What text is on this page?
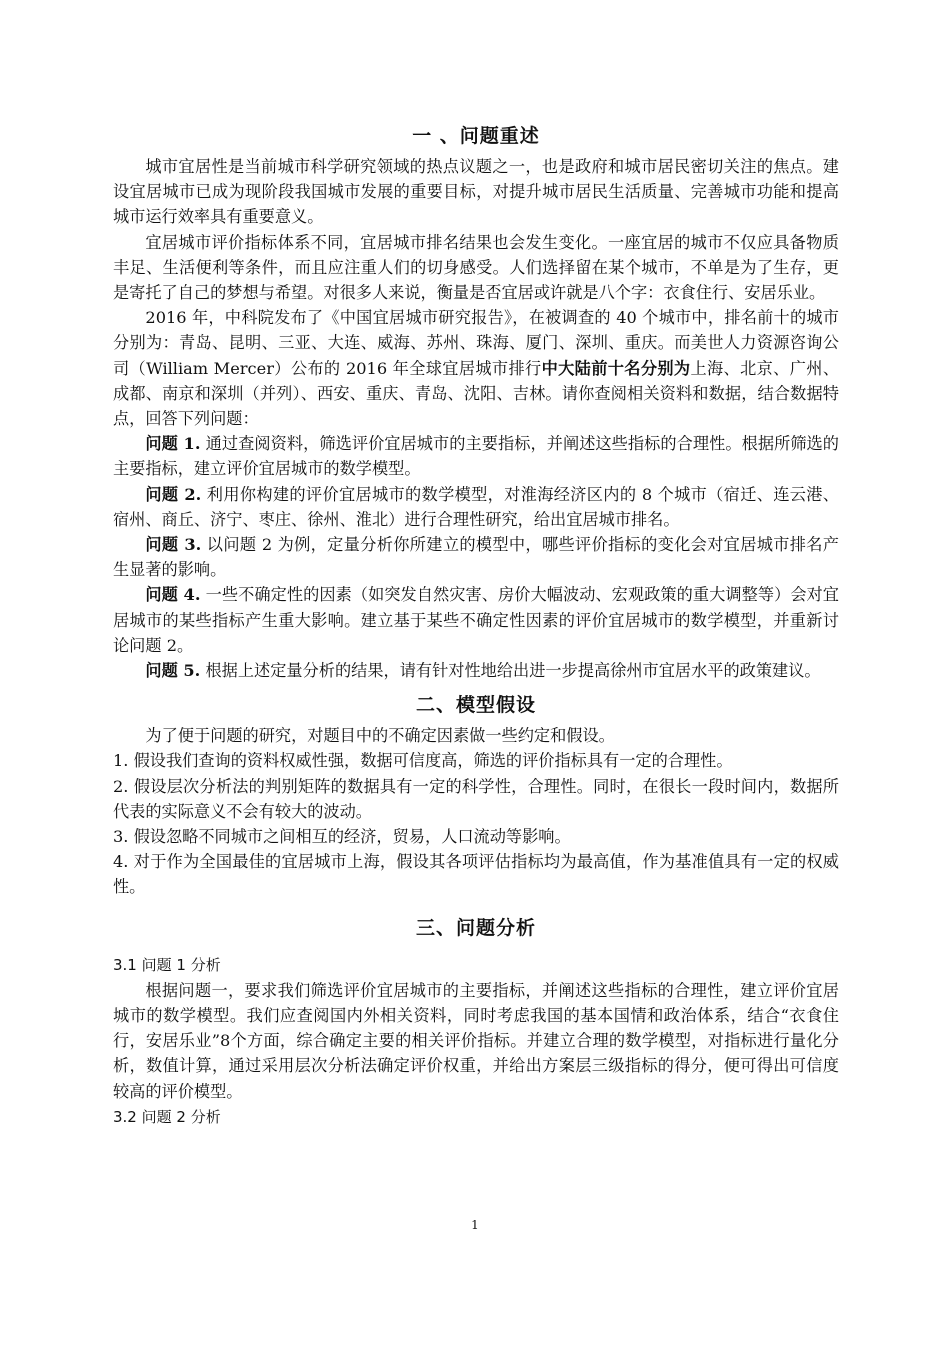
一 、问题重述

城市宜居性是当前城市科学研究领域的热点议题之一，也是政府和城市居民密切关注的焦点。建设宜居城市已成为现阶段我国城市发展的重要目标，对提升城市居民生活质量、完善城市功能和提高城市运行效率具有重要意义。

宜居城市评价指标体系不同，宜居城市排名结果也会发生变化。一座宜居的城市不仅应具备物质丰足、生活便利等条件，而且应注重人们的切身感受。人们选择留在某个城市，不单是为了生存，更是寄托了自己的梦想与希望。对很多人来说，衡量是否宜居或许就是八个字：衣食住行、安居乐业。

2016 年，中科院发布了《中国宜居城市研究报告》，在被调查的 40 个城市中，排名前十的城市分别为：青岛、昆明、三亚、大连、威海、苏州、珠海、厦门、深圳、重庆。而美世人力资源咨询公司（William Mercer）公布的 2016 年全球宜居城市排行中大陆前十名分别为上海、北京、广州、成都、南京和深圳（并列）、西安、重庆、青岛、沈阳、吉林。请你查阅相关资料和数据，结合数据特点，回答下列问题：

问题 1. 通过查阅资料，筛选评价宜居城市的主要指标，并阐述这些指标的合理性。根据所筛选的主要指标，建立评价宜居城市的数学模型。

问题 2. 利用你构建的评价宜居城市的数学模型，对淮海经济区内的 8 个城市（宿迁、连云港、宿州、商丘、济宁、枣庄、徐州、淮北）进行合理性研究，给出宜居城市排名。

问题 3. 以问题 2 为例，定量分析你所建立的模型中，哪些评价指标的变化会对宜居城市排名产生显著的影响。

问题 4. 一些不确定性的因素（如突发自然灾害、房价大幅波动、宏观政策的重大调整等）会对宜居城市的某些指标产生重大影响。建立基于某些不确定性因素的评价宜居城市的数学模型，并重新讨论问题 2。

问题 5. 根据上述定量分析的结果，请有针对性地给出进一步提高徐州市宜居水平的政策建议。

二、模型假设

为了便于问题的研究，对题目中的不确定因素做一些约定和假设。

1. 假设我们查询的资料权威性强，数据可信度高，筛选的评价指标具有一定的合理性。

2. 假设层次分析法的判别矩阵的数据具有一定的科学性，合理性。同时，在很长一段时间内，数据所代表的实际意义不会有较大的波动。

3. 假设忽略不同城市之间相互的经济，贸易，人口流动等影响。

4. 对于作为全国最佳的宜居城市上海，假设其各项评估指标均为最高值，作为基准值具有一定的权威性。

三、问题分析

3.1 问题 1 分析

根据问题一，要求我们筛选评价宜居城市的主要指标，并阐述这些指标的合理性，建立评价宜居城市的数学模型。我们应查阅国内外相关资料，同时考虑我国的基本国情和政治体系，结合“衣食住行，安居乐业”8个方面，综合确定主要的相关评价指标。并建立合理的数学模型，对指标进行量化分析，数值计算，通过采用层次分析法确定评价权重，并给出方案层三级指标的得分，便可得出可信度较高的评价模型。

3.2 问题 2 分析

1
